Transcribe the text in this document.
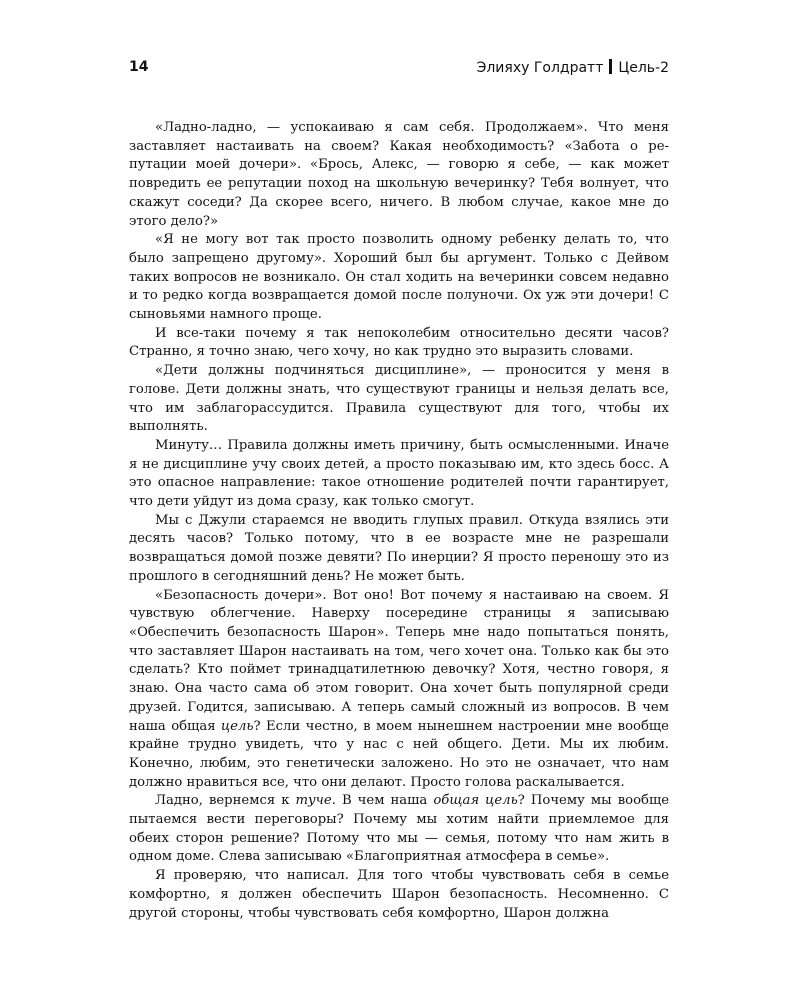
14	Элияху Голдратт Цель-2

«Ладно-ладно, — успокаиваю я сам себя. Продолжаем». Что меня заставляет настаивать на своем? Какая необходимость? «Забота о репутации моей дочери». «Брось, Алекс, — говорю я себе, — как может повредить ее репутации поход на школьную вечеринку? Тебя волнует, что скажут соседи? Да скорее всего, ничего. В любом случае, какое мне до этого дело?»

«Я не могу вот так просто позволить одному ребенку делать то, что было запрещено другому». Хороший был бы аргумент. Только с Дейвом таких вопросов не возникало. Он стал ходить на вечеринки совсем недавно и то редко когда возвращается домой после полуночи. Ох уж эти дочери! С сыновьями намного проще.

И все-таки почему я так непоколебим относительно десяти часов? Странно, я точно знаю, чего хочу, но как трудно это выразить словами.

«Дети должны подчиняться дисциплине», — проносится у меня в голове. Дети должны знать, что существуют границы и нельзя делать все, что им заблагорассудится. Правила существуют для того, чтобы их выполнять.

Минуту… Правила должны иметь причину, быть осмысленными. Иначе я не дисциплине учу своих детей, а просто показываю им, кто здесь босс. А это опасное направление: такое отношение родителей почти гарантирует, что дети уйдут из дома сразу, как только смогут.

Мы с Джули стараемся не вводить глупых правил. Откуда взялись эти десять часов? Только потому, что в ее возрасте мне не разрешали возвращаться домой позже девяти? По инерции? Я просто переношу это из прошлого в сегодняшний день? Не может быть.

«Безопасность дочери». Вот оно! Вот почему я настаиваю на своем. Я чувствую облегчение. Наверху посередине страницы я записываю «Обеспечить безопасность Шарон». Теперь мне надо попытаться понять, что заставляет Шарон настаивать на том, чего хочет она. Только как бы это сделать? Кто поймет тринадцатилетнюю девочку? Хотя, честно говоря, я знаю. Она часто сама об этом говорит. Она хочет быть популярной среди друзей. Годится, записываю. А теперь самый сложный из вопросов. В чем наша общая цель? Если честно, в моем нынешнем настроении мне вообще крайне трудно увидеть, что у нас с ней общего. Дети. Мы их любим. Конечно, любим, это генетически заложено. Но это не означает, что нам должно нравиться все, что они делают. Просто голова раскалывается.

Ладно, вернемся к туче. В чем наша общая цель? Почему мы вообще пытаемся вести переговоры? Почему мы хотим найти приемлемое для обеих сторон решение? Потому что мы — семья, потому что нам жить в одном доме. Слева записываю «Благоприятная атмосфера в семье».

Я проверяю, что написал. Для того чтобы чувствовать себя в семье комфортно, я должен обеспечить Шарон безопасность. Несомненно. С другой стороны, чтобы чувствовать себя комфортно, Шарон должна
